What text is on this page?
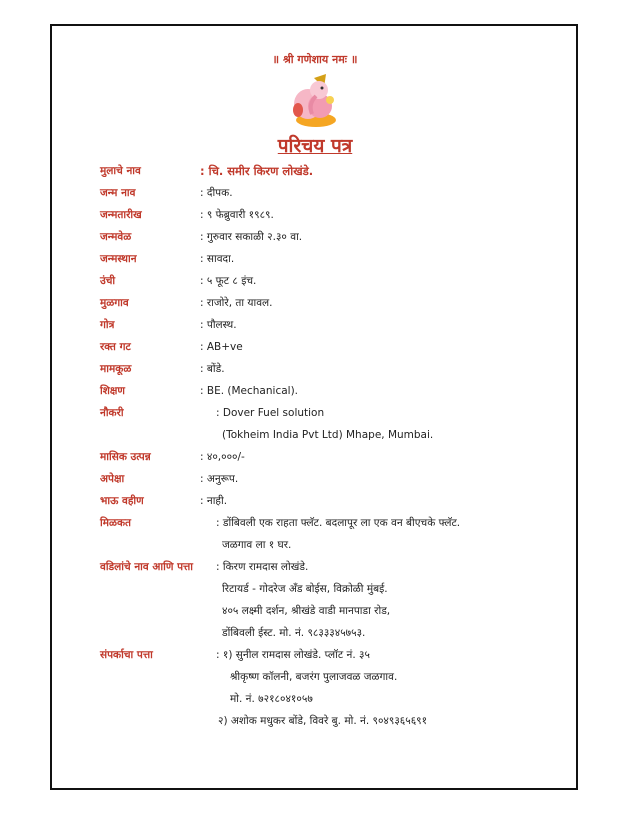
॥ श्री गणेशाय नमः ॥
परिचय पत्र
मुलाचे नाव	: चि. समीर किरण लोखंडे.
जन्म नाव	: दीपक.
जन्मतारीख	: ९ फेब्रुवारी १९८९.
जन्मवेळ	: गुरुवार सकाळी २.३० वा.
जन्मस्थान	: सावदा.
उंची	: ५ फूट ८ इंच.
मुळगाव	: राजोरे, ता यावल.
गोत्र	: पौलस्थ.
रक्त गट	: AB+ve
मामकूळ	: बोंडे.
शिक्षण	: BE. (Mechanical).
नौकरी	: Dover Fuel solution
(Tokheim India Pvt Ltd) Mhape, Mumbai.
मासिक उत्पन्न	: ४०,०००/-
अपेक्षा	: अनुरूप.
भाऊ वहीण	: नाही.
मिळकत	: डोंबिवली एक राहता फ्लॅट. बदलापूर ला एक वन बीएचके फ्लॅट.
जळगाव ला १ घर.
वडिलांचे नाव आणि पत्ता : किरण रामदास लोखंडे.
रिटायर्ड - गोदरेज अँड बोईस, विक्रोळी मुंबई.
४०५ लक्ष्मी दर्शन, श्रीखंडे वाडी मानपाडा रोड,
डोंबिवली ईस्ट. मो. नं. ९८३३३४५७५३.
संपर्काचा पत्ता	: १) सुनील रामदास लोखंडे. प्लॉट नं. ३५
श्रीकृष्ण कॉलनी, बजरंग पुलाजवळ जळगाव.
मो. नं. ७२१८०४१०५७
२) अशोक मधुकर बोंडे, विवरे बु. मो. नं. ९०४९३६५६९१
